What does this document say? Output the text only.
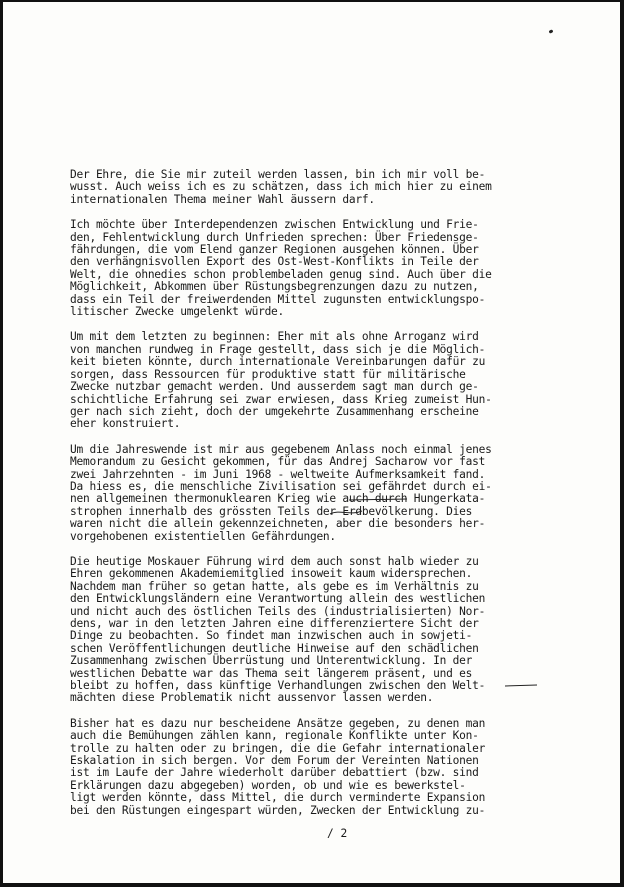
Der Ehre, die Sie mir zuteil werden lassen, bin ich mir voll be-
wusst. Auch weiss ich es zu schätzen, dass ich mich hier zu einem
internationalen Thema meiner Wahl äussern darf.
Ich möchte über Interdependenzen zwischen Entwicklung und Frie-
den, Fehlentwicklung durch Unfrieden sprechen: Über Friedensge-
fährdungen, die vom Elend ganzer Regionen ausgehen können. Über
den verhängnisvollen Export des Ost-West-Konflikts in Teile der
Welt, die ohnedies schon problembeladen genug sind. Auch über die
Möglichkeit, Abkommen über Rüstungsbegrenzungen dazu zu nutzen,
dass ein Teil der freiwerdenden Mittel zugunsten entwicklungspo-
litischer Zwecke umgelenkt würde.
Um mit dem letzten zu beginnen: Eher mit als ohne Arroganz wird
von manchen rundweg in Frage gestellt, dass sich je die Möglich-
keit bieten könnte, durch internationale Vereinbarungen dafür zu
sorgen, dass Ressourcen für produktive statt für militärische
Zwecke nutzbar gemacht werden. Und ausserdem sagt man durch ge-
schichtliche Erfahrung sei zwar erwiesen, dass Krieg zumeist Hun-
ger nach sich zieht, doch der umgekehrte Zusammenhang erscheine
eher konstruiert.
Um die Jahreswende ist mir aus gegebenem Anlass noch einmal jenes
Memorandum zu Gesicht gekommen, für das Andrej Sacharow vor fast
zwei Jahrzehnten - im Juni 1968 - weltweite Aufmerksamkeit fand.
Da hiess es, die menschliche Zivilisation sei gefährdet durch ei-
nen allgemeinen thermonuklearen Krieg wie auch durch Hungerkata-
strophen innerhalb des grössten Teils der Erdbevölkerung. Dies
waren nicht die allein gekennzeichneten, aber die besonders her-
vorgehobenen existentiellen Gefährdungen.
Die heutige Moskauer Führung wird dem auch sonst halb wieder zu
Ehren gekommenen Akademiemitglied insoweit kaum widersprechen.
Nachdem man früher so getan hatte, als gebe es im Verhältnis zu
den Entwicklungsländern eine Verantwortung allein des westlichen
und nicht auch des östlichen Teils des (industrialisierten) Nor-
dens, war in den letzten Jahren eine differenziertere Sicht der
Dinge zu beobachten. So findet man inzwischen auch in sowjeti-
schen Veröffentlichungen deutliche Hinweise auf den schädlichen
Zusammenhang zwischen Überrüstung und Unterentwicklung. In der
westlichen Debatte war das Thema seit längerem präsent, und es
bleibt zu hoffen, dass künftige Verhandlungen zwischen den Welt-
mächten diese Problematik nicht aussenvor lassen werden.
Bisher hat es dazu nur bescheidene Ansätze gegeben, zu denen man
auch die Bemühungen zählen kann, regionale Konflikte unter Kon-
trolle zu halten oder zu bringen, die die Gefahr internationaler
Eskalation in sich bergen. Vor dem Forum der Vereinten Nationen
ist im Laufe der Jahre wiederholt darüber debattiert (bzw. sind
Erklärungen dazu abgegeben) worden, ob und wie es bewerkstel-
ligt werden könnte, dass Mittel, die durch verminderte Expansion
bei den Rüstungen eingespart würden, Zwecken der Entwicklung zu-
/ 2
